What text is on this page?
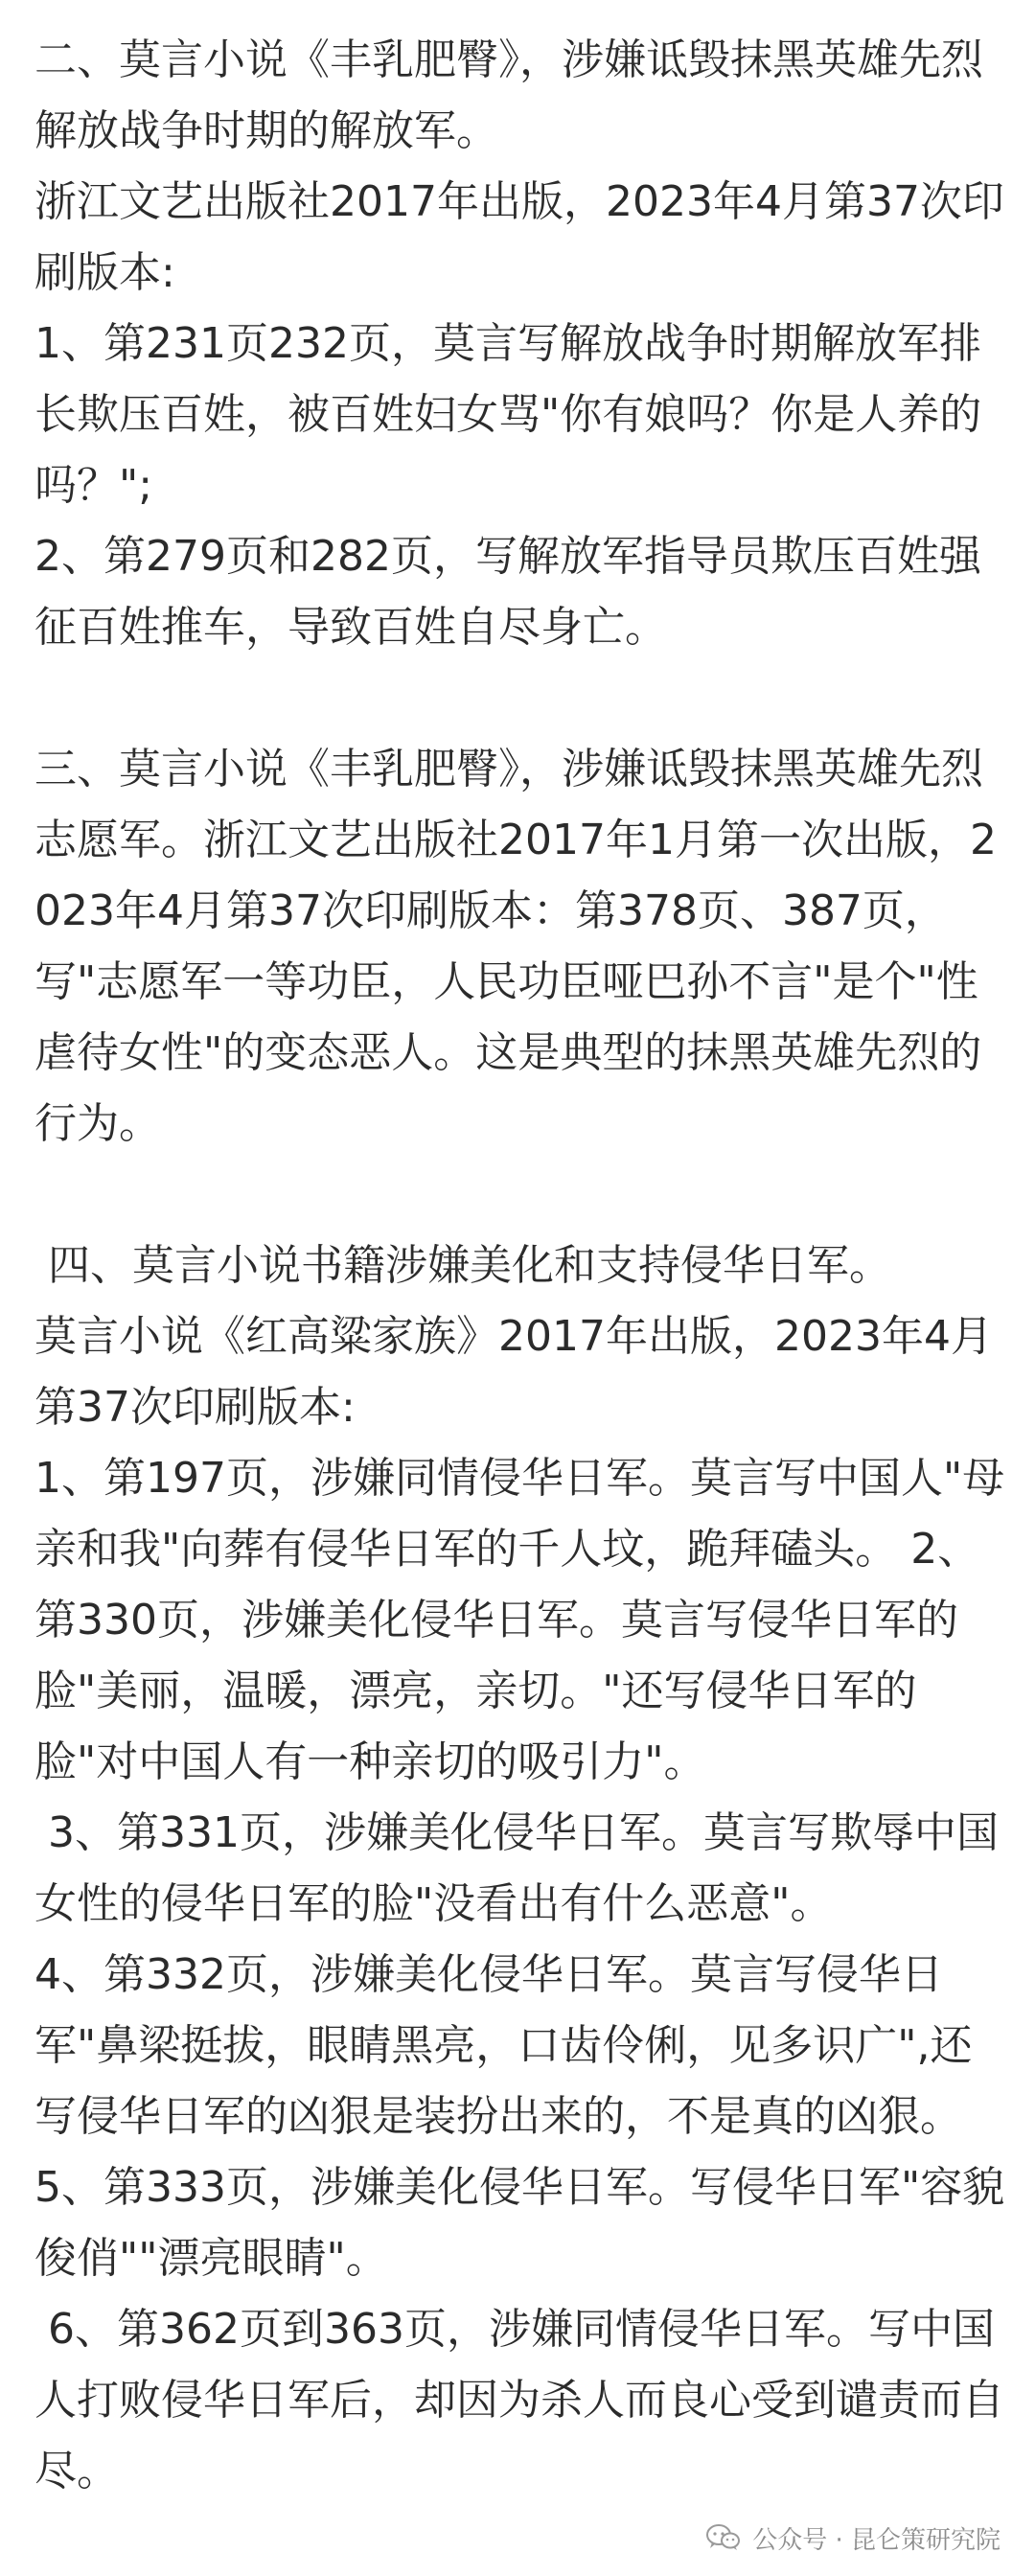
二、莫言小说《丰乳肥臀》，涉嫌诋毁抹黑英雄先烈解放战争时期的解放军。

浙江文艺出版社2017年出版，2023年4月第37次印刷版本:

1、第231页232页，莫言写解放战争时期解放军排长欺压百姓，被百姓妇女骂"你有娘吗？你是人养的吗？";

2、第279页和282页，写解放军指导员欺压百姓强征百姓推车，导致百姓自尽身亡。

三、莫言小说《丰乳肥臀》，涉嫌诋毁抹黑英雄先烈志愿军。浙江文艺出版社2017年1月第一次出版，2023年4月第37次印刷版本：第378页、387页，写"志愿军一等功臣，人民功臣哑巴孙不言"是个"性虐待女性"的变态恶人。这是典型的抹黑英雄先烈的行为。

四、莫言小说书籍涉嫌美化和支持侵华日军。

莫言小说《红高粱家族》2017年出版，2023年4月第37次印刷版本:

1、第197页，涉嫌同情侵华日军。莫言写中国人"母亲和我"向葬有侵华日军的千人坟，跪拜磕头。 2、第330页，涉嫌美化侵华日军。莫言写侵华日军的脸"美丽，温暖，漂亮，亲切。"还写侵华日军的脸"对中国人有一种亲切的吸引力"。

3、第331页，涉嫌美化侵华日军。莫言写欺辱中国女性的侵华日军的脸"没看出有什么恶意"。

4、第332页，涉嫌美化侵华日军。莫言写侵华日军"鼻梁挺拔，眼睛黑亮，口齿伶俐，见多识广",还写侵华日军的凶狠是装扮出来的，不是真的凶狠。

5、第333页，涉嫌美化侵华日军。写侵华日军"容貌俊俏""漂亮眼睛"。

6、第362页到363页，涉嫌同情侵华日军。写中国人打败侵华日军后，却因为杀人而良心受到谴责而自尽。

公众号 · 昆仑策研究院
